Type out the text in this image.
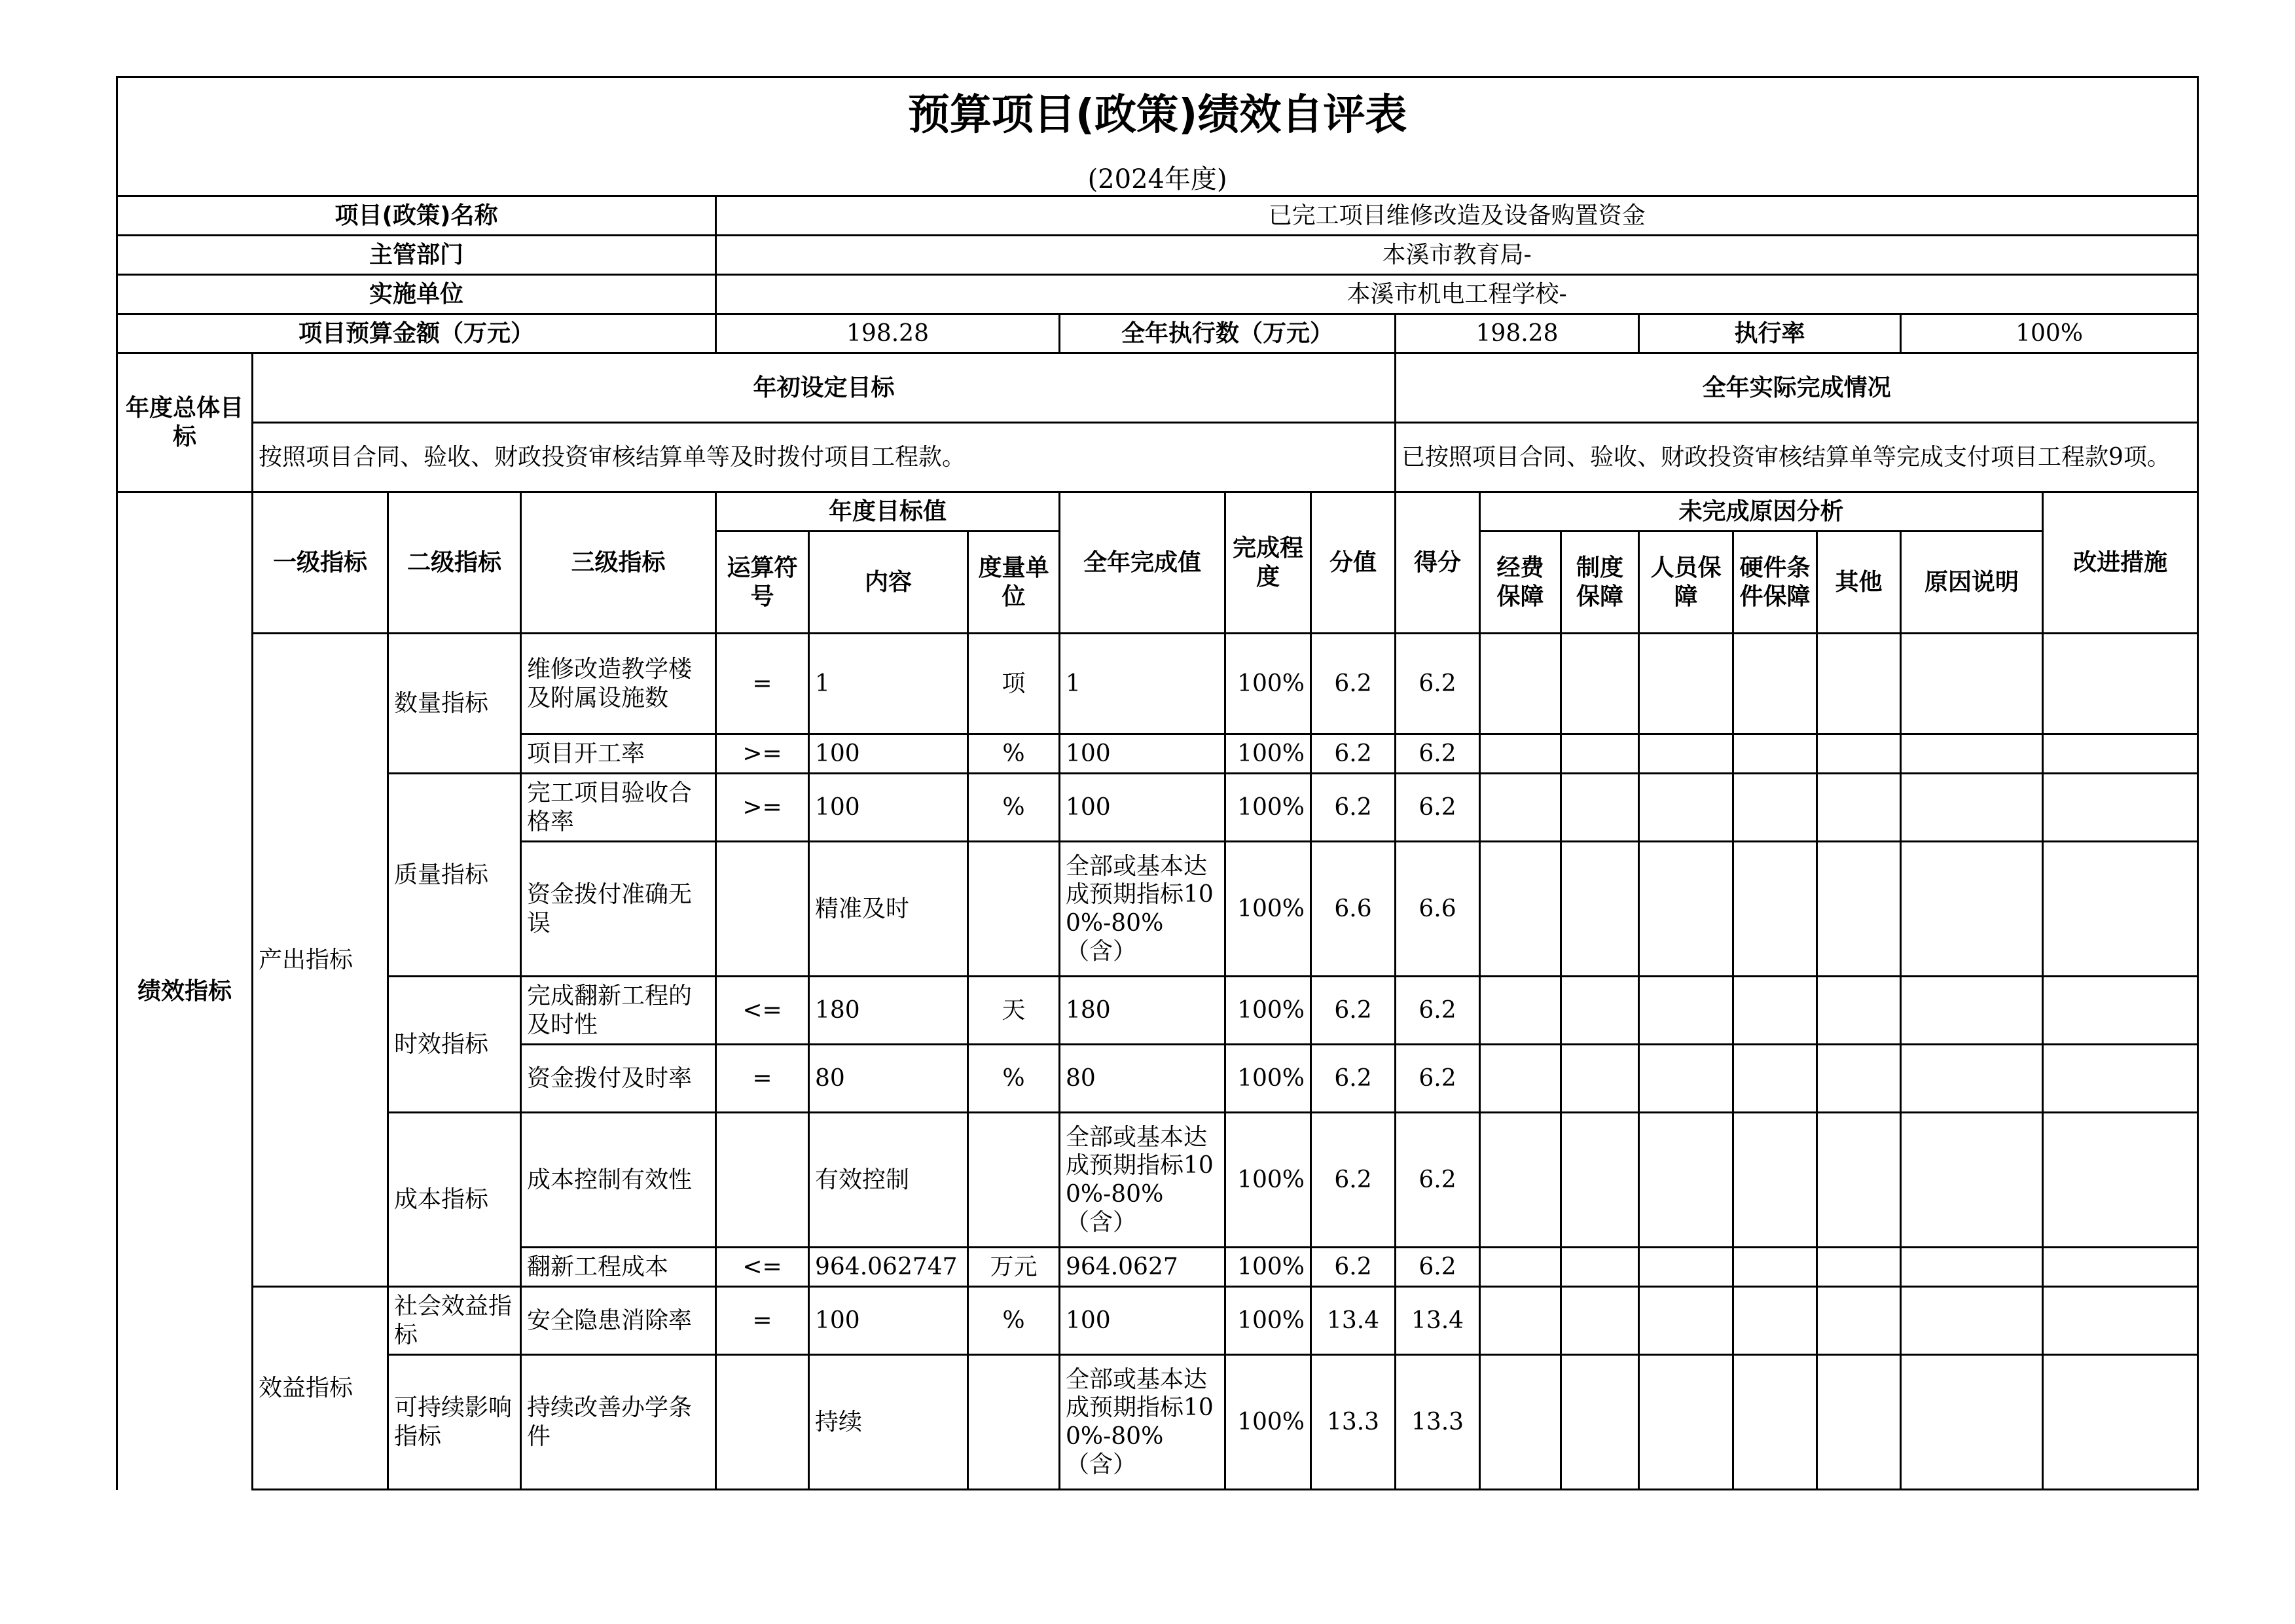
预算项目(政策)绩效自评表																	
(2024年度)																	
项目(政策)名称				已完工项目维修改造及设备购置资金													
主管部门				本溪市教育局-													
实施单位				本溪市机电工程学校-													
项目预算金额（万元）				198.28			全年执行数（万元）			198.28			执行率			100%	
年度总体目标	年初设定目标									全年实际完成情况							
	按照项目合同、验收、财政投资审核结算单等及时拨付项目工程款。									已按照项目合同、验收、财政投资审核结算单等完成支付项目工程款9项。							
绩效指标	一级指标	二级指标	三级指标	年度目标值			全年完成值	完成程度	分值	得分	未完成原因分析						改进措施
				运算符号	内容	度量单位					经费保障	制度保障	人员保障	硬件条件保障	其他	原因说明	
	产出指标	数量指标	维修改造教学楼及附属设施数	=	1	项	1	100%	6.2	6.2							
			项目开工率	>=	100	%	100	100%	6.2	6.2							
		质量指标	完工项目验收合格率	>=	100	%	100	100%	6.2	6.2							
			资金拨付准确无误		精准及时		全部或基本达成预期指标100%-80%（含）	100%	6.6	6.6							
		时效指标	完成翻新工程的及时性	<=	180	天	180	100%	6.2	6.2							
			资金拨付及时率	=	80	%	80	100%	6.2	6.2							
		成本指标	成本控制有效性		有效控制		全部或基本达成预期指标100%-80%（含）	100%	6.2	6.2							
			翻新工程成本	<=	964.062747	万元	964.0627	100%	6.2	6.2							
	效益指标	社会效益指标	安全隐患消除率	=	100	%	100	100%	13.4	13.4							
		可持续影响指标	持续改善办学条件		持续		全部或基本达成预期指标100%-80%（含）	100%	13.3	13.3							
